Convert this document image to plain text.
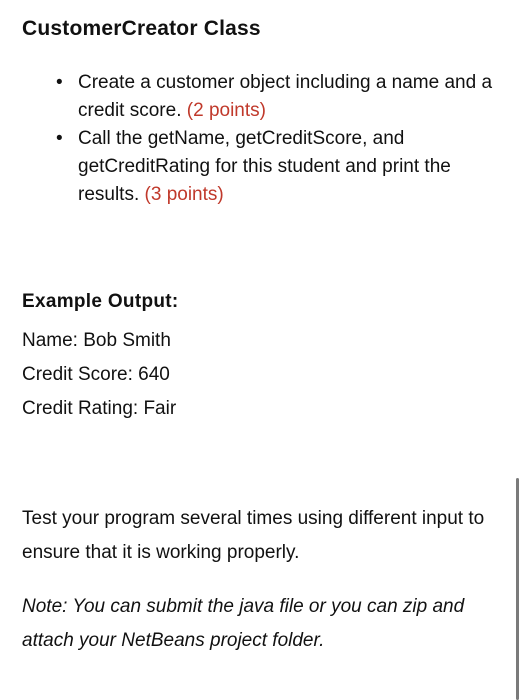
CustomerCreator Class
• Create a customer object including a name and a credit score. (2 points)
• Call the getName, getCreditScore, and getCreditRating for this student and print the results. (3 points)
Example Output:
Name: Bob Smith
Credit Score: 640
Credit Rating: Fair

Test your program several times using different input to ensure that it is working properly.

Note: You can submit the java file or you can zip and attach your NetBeans project folder.
